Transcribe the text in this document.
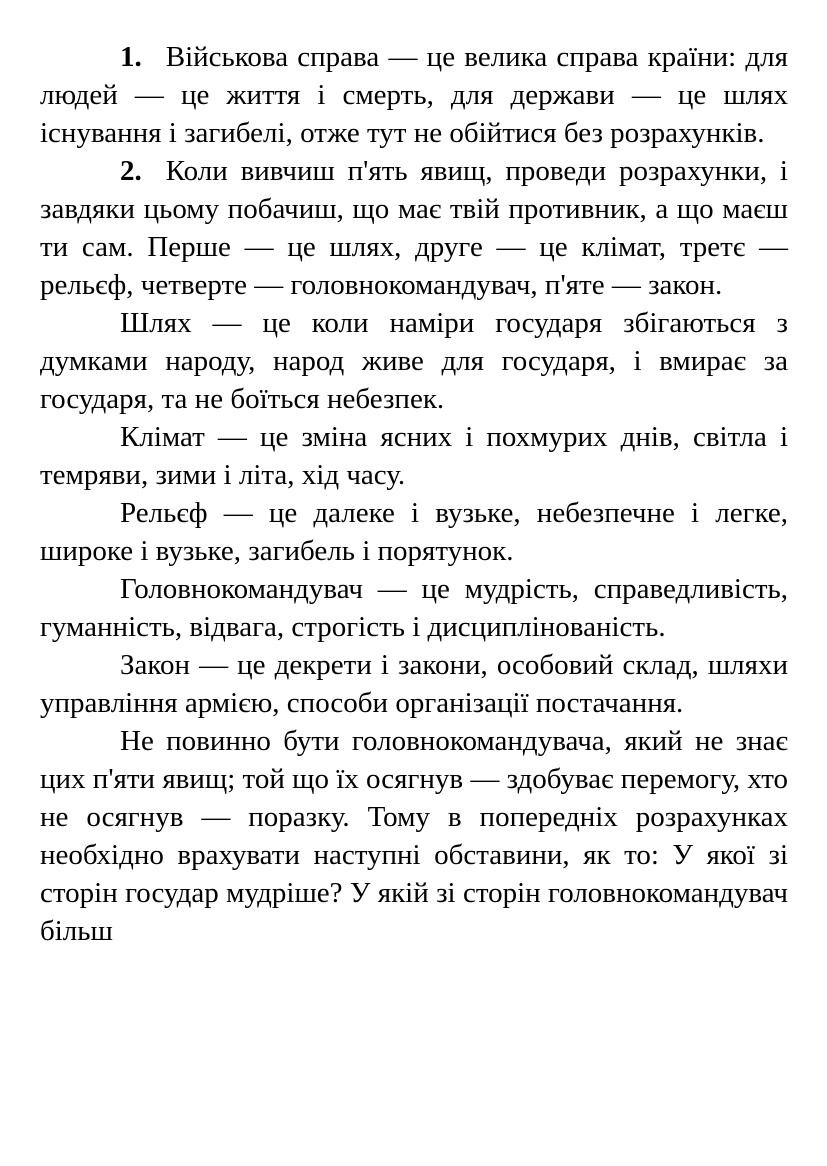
1. Військова справа — це велика справа країни: для людей — це життя і смерть, для держави — це шлях існування і загибелі, отже тут не обійтися без розрахунків.

2. Коли вивчиш п'ять явищ, проведи розрахунки, і завдяки цьому побачиш, що має твій противник, а що маєш ти сам. Перше — це шлях, друге — це клімат, третє — рельєф, четверте — головнокомандувач, п'яте — закон.

Шлях — це коли наміри государя збігаються з думками народу, народ живе для государя, і вмирає за государя, та не боїться небезпек.

Клімат — це зміна ясних і похмурих днів, світла і темряви, зими і літа, хід часу.

Рельєф — це далеке і вузьке, небезпечне і легке, широке і вузьке, загибель і порятунок.

Головнокомандувач — це мудрість, справедливість, гуманність, відвага, строгість і дисциплінованість.

Закон — це декрети і закони, особовий склад, шляхи управління армією, способи організації постачання.

Не повинно бути головнокомандувача, який не знає цих п'яти явищ; той що їх осягнув — здобуває перемогу, хто не осягнув — поразку. Тому в попередніх розрахунках необхідно врахувати наступні обставини, як то: У якої зі сторін государ мудріше? У якій зі сторін головнокомандувач більш
